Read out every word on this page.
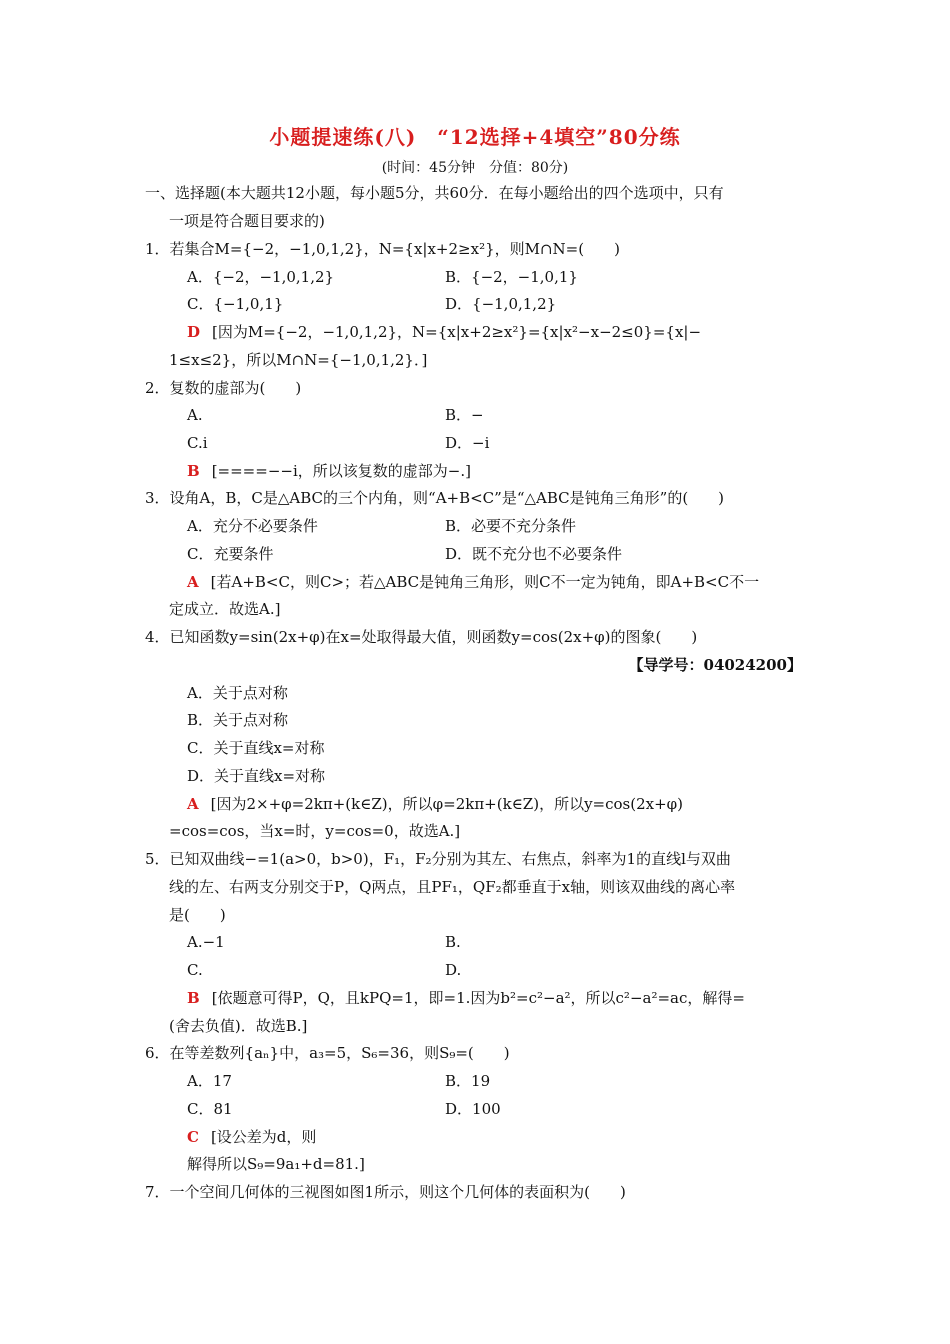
小题提速练(八)　“12选择+4填空”80分练
(时间：45分钟　分值：80分)
一、选择题(本大题共12小题，每小题5分，共60分．在每小题给出的四个选项中，只有
一项是符合题目要求的)
1．若集合M={−2，−1,0,1,2}，N={x|x+2≥x²}，则M∩N=(　　)
A．{−2，−1,0,1,2}	B．{−2，−1,0,1}
C．{−1,0,1}	D．{−1,0,1,2}
D [因为M={−2，−1,0,1,2}，N={x|x+2≥x²}={x|x²−x−2≤0}={x|−
1≤x≤2}，所以M∩N={−1,0,1,2}．]
2．复数的虚部为(　　)
A.	B．−
C.i	D．−i
B [====−−i，所以该复数的虚部为−.]
3．设角A，B，C是△ABC的三个内角，则“A+B<C”是“△ABC是钝角三角形”的(　　)
A．充分不必要条件	B．必要不充分条件
C．充要条件	D．既不充分也不必要条件
A [若A+B<C，则C>；若△ABC是钝角三角形，则C不一定为钝角，即A+B<C不一
定成立．故选A.]
4．已知函数y=sin(2x+φ)在x=处取得最大值，则函数y=cos(2x+φ)的图象(　　)
【导学号：04024200】
A．关于点对称
B．关于点对称
C．关于直线x=对称
D．关于直线x=对称
A [因为2×+φ=2kπ+(k∈Z)，所以φ=2kπ+(k∈Z)，所以y=cos(2x+φ)
=cos=cos，当x=时，y=cos=0，故选A.]
5．已知双曲线−=1(a>0，b>0)，F₁，F₂分别为其左、右焦点，斜率为1的直线l与双曲
线的左、右两支分别交于P，Q两点，且PF₁，QF₂都垂直于x轴，则该双曲线的离心率
是(　　)
A.−1	B.
C.	D.
B [依题意可得P，Q，且kPQ=1，即=1.因为b²=c²−a²，所以c²−a²=ac，解得=
(舍去负值)．故选B.]
6．在等差数列{aₙ}中，a₃=5，S₆=36，则S₉=(　　)
A．17	B．19
C．81	D．100
C [设公差为d，则
解得所以S₉=9a₁+d=81.]
7．一个空间几何体的三视图如图1所示，则这个几何体的表面积为(　　)
